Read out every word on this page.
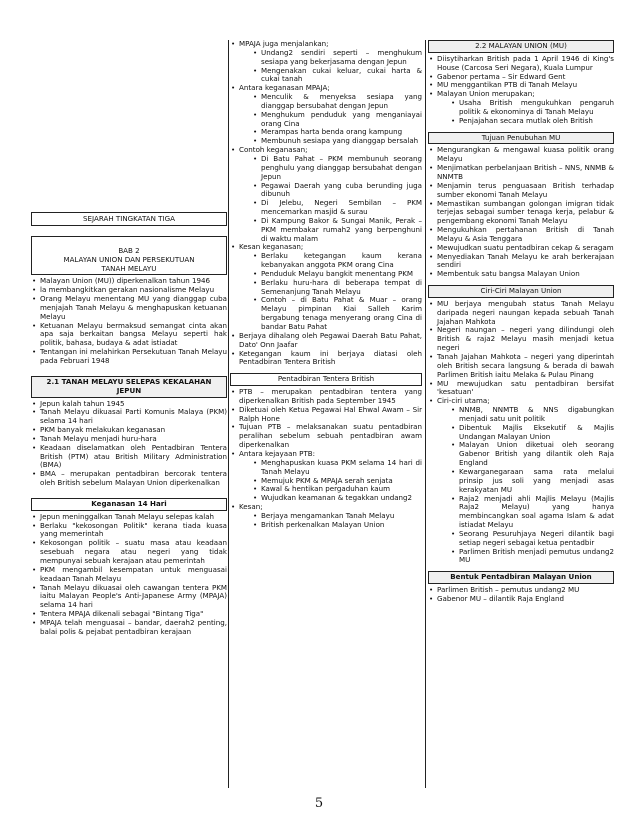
SEJARAH TINGKATAN TIGA

BAB 2
MALAYAN UNION DAN PERSEKUTUAN
TANAH MELAYU

• Malayan Union (MU)) diperkenalkan tahun 1946
• la membangkitkan gerakan nasionalisme Melayu
• Orang Melayu menentang MU yang dianggap cuba menjajah Tanah Melayu & menghapuskan ketuanan Melayu
• Ketuanan Melayu bermaksud semangat cinta akan apa saja berkaitan bangsa Melayu seperti hak politik, bahasa, budaya & adat istiadat
• Tentangan ini melahirkan Persekutuan Tanah Melayu pada Februari 1948
2.1 TANAH MELAYU SELEPAS KEKALAHAN JEPUN
• Jepun kalah tahun 1945
• Tanah Melayu dikuasai Parti Komunis Malaya (PKM) selama 14 hari
• PKM banyak melakukan keganasan
• Tanah Melayu menjadi huru-hara
• Keadaan diselamatkan oleh Pentadbiran Tentera British (PTM) atau British Military Administration (BMA)
• BMA – merupakan pentadbiran bercorak tentera oleh British sebelum Malayan Union diperkenalkan
Keganasan 14 Hari
• Jepun meninggalkan Tanah Melayu selepas kalah
• Berlaku "kekosongan Politik" kerana tiada kuasa yang memerintah
• Kekosongan politik – suatu masa atau keadaan sesebuah negara atau negeri yang tidak mempunyai sebuah kerajaan atau pemerintah
• PKM mengambil kesempatan untuk menguasai keadaan Tanah Melayu
• Tanah Melayu dikuasai oleh cawangan tentera PKM iaitu Malayan People's Anti-Japanese Army (MPAJA) selama 14 hari
• Tentera MPAJA dikenali sebagai "Bintang Tiga"
• MPAJA telah menguasai – bandar, daerah2 penting, balai polis & pejabat pentadbiran kerajaan
• MPAJA juga menjalankan;
• Undang2 sendiri seperti – menghukum sesiapa yang bekerjasama dengan Jepun
• Mengenakan cukai keluar, cukai harta & cukai tanah
• Antara keganasan MPAJA;
• Menculik & menyeksa sesiapa yang dianggap bersubahat dengan Jepun
• Menghukum penduduk yang menganiayai orang Cina
• Merampas harta benda orang kampung
• Membunuh sesiapa yang dianggap bersalah
• Contoh keganasan;
• Di Batu Pahat – PKM membunuh seorang penghulu yang dianggap bersubahat dengan Jepun
• Pegawai Daerah yang cuba berunding juga dibunuh
• Di Jelebu, Negeri Sembilan – PKM mencemarkan masjid & surau
• Di Kampung Bakor & Sungai Manik, Perak – PKM membakar rumah2 yang berpenghuni di waktu malam
• Kesan keganasan;
• Berlaku ketegangan kaum kerana kebanyakan anggota PKM orang Cina
• Penduduk Melayu bangkit menentang PKM
• Berlaku huru-hara di beberapa tempat di Semenanjung Tanah Melayu
• Contoh – di Batu Pahat & Muar – orang Melayu pimpinan Kiai Salleh Karim bergabung tenaga menyerang orang Cina di bandar Batu Pahat
• Berjaya dihalang oleh Pegawai Daerah Batu Pahat, Dato' Onn Jaafar
• Ketegangan kaum ini berjaya diatasi oleh Pentadbiran Tentera British
Pentadbiran Tentera British
• PTB – merupakan pentadbiran tentera yang diperkenalkan British pada September 1945
• Diketuai oleh Ketua Pegawai Hal Ehwal Awam – Sir Ralph Hone
• Tujuan PTB – melaksanakan suatu pentadbiran peralihan sebelum sebuah pentadbiran awam diperkenalkan
• Antara kejayaan PTB:
• Menghapuskan kuasa PKM selama 14 hari di Tanah Melayu
• Memujuk PKM & MPAJA serah senjata
• Kawal & hentikan pergaduhan kaum
• Wujudkan keamanan & tegakkan undang2
• Kesan;
• Berjaya mengamankan Tanah Melayu
• British perkenalkan Malayan Union
2.2 MALAYAN UNION (MU)
• Diisytiharkan British pada 1 April 1946 di King's House (Carcosa Seri Negara), Kuala Lumpur
• Gabenor pertama – Sir Edward Gent
• MU menggantikan PTB di Tanah Melayu
• Malayan Union merupakan;
• Usaha British mengukuhkan pengaruh politik & ekonominya di Tanah Melayu
• Penjajahan secara mutlak oleh British
Tujuan Penubuhan MU
• Mengurangkan & mengawal kuasa politik orang Melayu
• Menjimatkan perbelanjaan British – NNS, NNMB & NNMTB
• Menjamin terus penguasaan British terhadap sumber ekonomi Tanah Melayu
• Memastikan sumbangan golongan imigran tidak terjejas sebagai sumber tenaga kerja, pelabur & pengembang ekonomi Tanah Melayu
• Mengukuhkan pertahanan British di Tanah Melayu & Asia Tenggara
• Mewujudkan suatu pentadbiran cekap & seragam
• Menyediakan Tanah Melayu ke arah berkerajaan sendiri
• Membentuk satu bangsa Malayan Union
Ciri-Ciri Malayan Union
• MU berjaya mengubah status Tanah Melayu daripada negeri naungan kepada sebuah Tanah Jajahan Mahkota
• Negeri naungan – negeri yang dilindungi oleh British & raja2 Melayu masih menjadi ketua negeri
• Tanah Jajahan Mahkota – negeri yang diperintah oleh British secara langsung & berada di bawah Parlimen British iaitu Melaka & Pulau Pinang
• MU mewujudkan satu pentadbiran bersifat 'kesatuan'
• Ciri-ciri utama;
• NNMB, NNMTB & NNS digabungkan menjadi satu unit politik
• Dibentuk Majlis Eksekutif & Majlis Undangan Malayan Union
• Malayan Union diketuai oleh seorang Gabenor British yang dilantik oleh Raja England
• Kewarganegaraan sama rata melalui prinsip jus soli yang menjadi asas kerakyatan MU
• Raja2 menjadi ahli Majlis Melayu (Majlis Raja2 Melayu) yang hanya membincangkan soal agama Islam & adat istiadat Melayu
• Seorang Pesuruhjaya Negeri dilantik bagi setiap negeri sebagai ketua pentadbir
• Parlimen British menjadi pemutus undang2 MU
Bentuk Pentadbiran Malayan Union
• Parlimen British – pemutus undang2 MU
• Gabenor MU – dilantik Raja England
5
